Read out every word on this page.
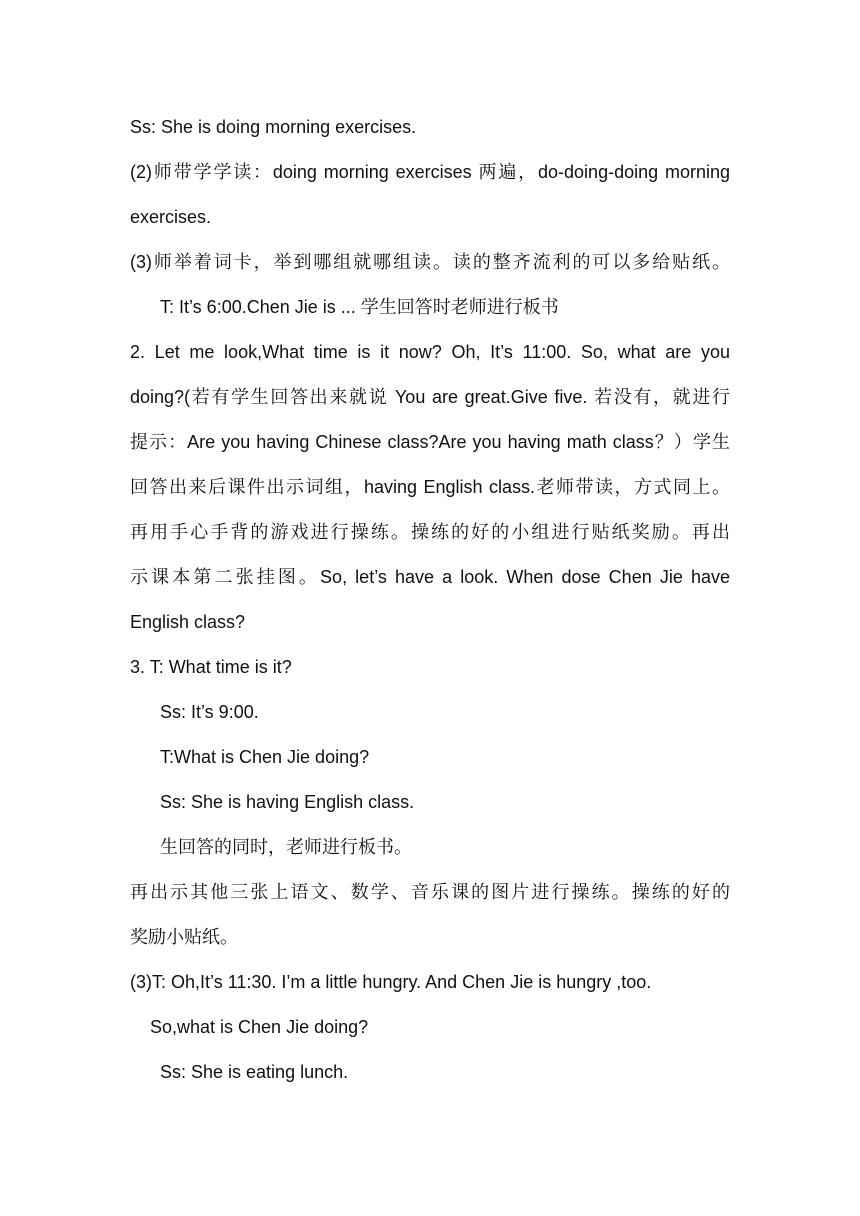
Ss: She is doing morning exercises.
(2)师带学学读：doing morning exercises 两遍，do-doing-doing morning
exercises.
(3)师举着词卡，举到哪组就哪组读。读的整齐流利的可以多给贴纸。
T: It’s 6:00.Chen Jie is ... 学生回答时老师进行板书
2. Let me look,What time is it now? Oh, It’s 11:00. So, what are you
doing?(若有学生回答出来就说 You are great.Give five. 若没有，就进行
提示：Are you having Chinese class?Are you having math class？）学生
回答出来后课件出示词组，having English class.老师带读，方式同上。
再用手心手背的游戏进行操练。操练的好的小组进行贴纸奖励。再出
示课本第二张挂图。So, let’s have a look. When dose Chen Jie have
English class?
3. T: What time is it?
Ss: It’s 9:00.
T:What is Chen Jie doing?
Ss: She is having English class.
生回答的同时，老师进行板书。
再出示其他三张上语文、数学、音乐课的图片进行操练。操练的好的
奖励小贴纸。
(3)T: Oh,It’s 11:30. I’m a little hungry. And Chen Jie is hungry ,too.
So,what is Chen Jie doing?
Ss: She is eating lunch.
